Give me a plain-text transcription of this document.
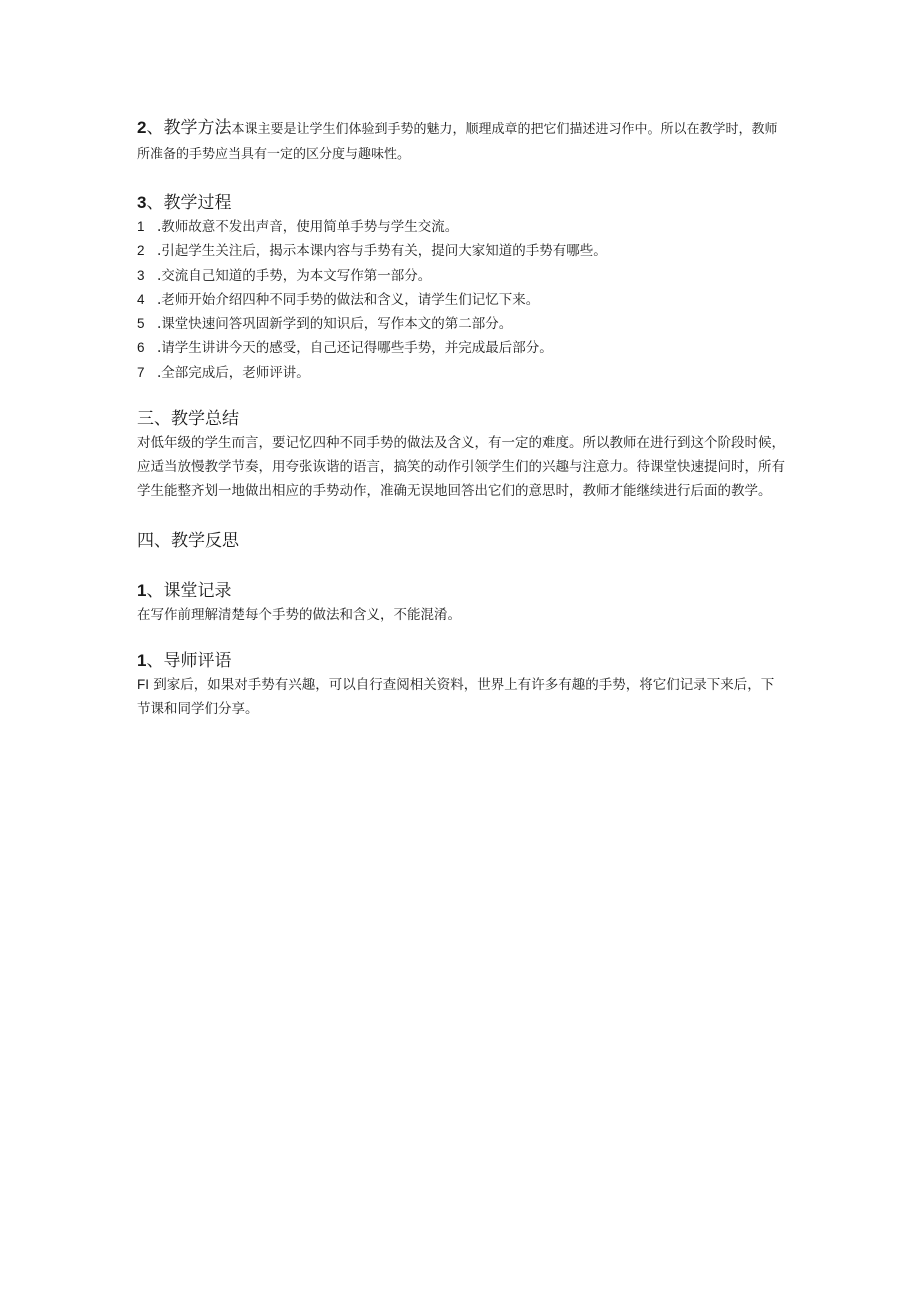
2、教学方法本课主要是让学生们体验到手势的魅力，顺理成章的把它们描述进习作中。所以在教学时，教师所准备的手势应当具有一定的区分度与趣味性。

3、教学过程
1 .教师故意不发出声音，使用简单手势与学生交流。
2 .引起学生关注后，揭示本课内容与手势有关，提问大家知道的手势有哪些。
3 .交流自己知道的手势，为本文写作第一部分。
4 .老师开始介绍四种不同手势的做法和含义，请学生们记忆下来。
5 .课堂快速问答巩固新学到的知识后，写作本文的第二部分。
6 .请学生讲讲今天的感受，自己还记得哪些手势，并完成最后部分。
7 .全部完成后，老师评讲。
三、教学总结

对低年级的学生而言，要记忆四种不同手势的做法及含义，有一定的难度。所以教师在进行到这个阶段时候，应适当放慢教学节奏，用夸张诙谐的语言，搞笑的动作引领学生们的兴趣与注意力。待课堂快速提问时，所有学生能整齐划一地做出相应的手势动作，准确无误地回答出它们的意思时，教师才能继续进行后面的教学。

四、教学反思
1、课堂记录

在写作前理解清楚每个手势的做法和含义，不能混淆。

1、导师评语

FI 到家后，如果对手势有兴趣，可以自行查阅相关资料，世界上有许多有趣的手势，将它们记录下来后，下节课和同学们分享。
